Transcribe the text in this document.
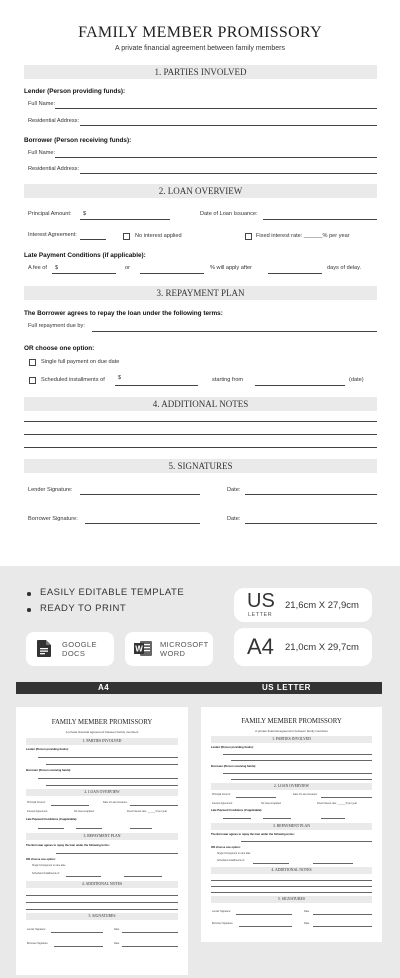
FAMILY MEMBER PROMISSORY
A private financial agreement between family members
1. PARTIES INVOLVED
Lender (Person providing funds):
Full Name:
Residential Address:
Borrower (Person receiving funds):
Full Name:
Residential Address:
2. LOAN OVERVIEW
Principal Amount: $	Date of Loan Issuance:
Interest Agreement:	No interest applied	Fixed interest rate: ______% per year
Late Payment Conditions (if applicable):
A fee of $	or	% will apply after	days of delay.
3. REPAYMENT PLAN
The Borrower agrees to repay the loan under the following terms:
Full repayment due by:
OR choose one option:
Single full payment on due date
Scheduled installments of $	starting from	(date)
4. ADDITIONAL NOTES
5. SIGNATURES
Lender Signature:	Date:
Borrower Signature:	Date:
EASILY EDITABLE TEMPLATE
READY TO PRINT	US
LETTER
21,6cm X 27,9cm
A4 21,0cm X 29,7cm
GOOGLE
DOCS	W MICROSOFT
WORD
A4	US LETTER
FAMILY MEMBER PROMISSORY
A private financial agreement between family members
1. PARTIES INVOLVED
Lender (Person providing funds):
Borrower (Person receiving funds):
2. LOAN OVERVIEW
Principal Amount:	Date of Loan Issuance:
Interest Agreement:	No interest applied	Fixed interest rate: ______% per year
Late Payment Conditions (if applicable):
3. REPAYMENT PLAN
The Borrower agrees to repay the loan under the following terms:
OR choose one option:
Single full payment on due date
Scheduled installments of
4. ADDITIONAL NOTES
5. SIGNATURES
Lender Signature:	Date:
Borrower Signature:	Date:
FAMILY MEMBER PROMISSORY
A private financial agreement between family members
1. PARTIES INVOLVED
Lender (Person providing funds):
Borrower (Person receiving funds):
2. LOAN OVERVIEW
Principal Amount:	Date of Loan Issuance:
Interest Agreement:	No interest applied	Fixed interest rate: ______% per year
Late Payment Conditions (if applicable):
3. REPAYMENT PLAN
The Borrower agrees to repay the loan under the following terms:
OR choose one option:
Single full payment on due date
Scheduled installments of
4. ADDITIONAL NOTES
5. SIGNATURES
Lender Signature:	Date:
Borrower Signature:	Date:
